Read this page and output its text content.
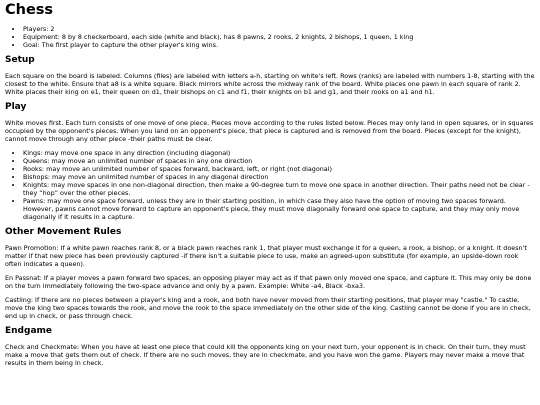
Chess
• Players: 2
• Equipment: 8 by 8 checkerboard, each side (white and black), has 8 pawns, 2 rooks, 2 knights, 2 bishops, 1 queen, 1 king
• Goal: The first player to capture the other player's king wins.
Setup

Each square on the board is labeled. Columns (files) are labeled with letters a-h, starting on white's left. Rows (ranks) are labeled with numbers 1-8, starting with the closest to the white. Ensure that a8 is a white square. Black mirrors white across the midway rank of the board. White places one pawn in each square of rank 2. White places their king on e1, their queen on d1, their bishops on c1 and f1, their knights on b1 and g1, and their rooks on a1 and h1.

Play

White moves first. Each turn consists of one move of one piece. Pieces move according to the rules listed below. Pieces may only land in open squares, or in squares occupied by the opponent's pieces. When you land on an opponent's piece, that piece is captured and is removed from the board. Pieces (except for the knight), cannot move through any other piece -their paths must be clear.

• Kings: may move one space in any direction (including diagonal)
• Queens: may move an unlimited number of spaces in any one direction
• Rooks: may move an unlimited number of spaces forward, backward, left, or right (not diagonal)
• Bishops: may move an unlimited number of spaces in any diagonal direction
• Knights: may move spaces in one non-diagonal direction, then make a 90-degree turn to move one space in another direction. Their paths need not be clear -they “hop” over the other pieces.
• Pawns: may move one space forward, unless they are in their starting position, in which case they also have the option of moving two spaces forward. However, pawns cannot move forward to capture an opponent's piece, they must move diagonally forward one space to capture, and they may only move diagonally if it results in a capture.
Other Movement Rules

Pawn Promotion: If a white pawn reaches rank 8, or a black pawn reaches rank 1, that player must exchange it for a queen, a rook, a bishop, or a knight. It doesn't matter if that new piece has been previously captured -if there isn't a suitable piece to use, make an agreed-upon substitute (for example, an upside-down rook often indicates a queen).

En Passnat: If a player moves a pawn forward two spaces, an opposing player may act as if that pawn only moved one space, and capture it. This may only be done on the turn immediately following the two-space advance and only by a pawn. Example: White -a4, Black -bxa3.

Castling: If there are no pieces between a player's king and a rook, and both have never moved from their starting positions, that player may "castle." To castle, move the king two spaces towards the rook, and move the rook to the space immediately on the other side of the king. Castling cannot be done if you are in check, end up in check, or pass through check.

Endgame

Check and Checkmate: When you have at least one piece that could kill the opponents king on your next turn, your opponent is in check. On their turn, they must make a move that gets them out of check. If there are no such moves, they are in checkmate, and you have won the game. Players may never make a move that results in them being in check.
